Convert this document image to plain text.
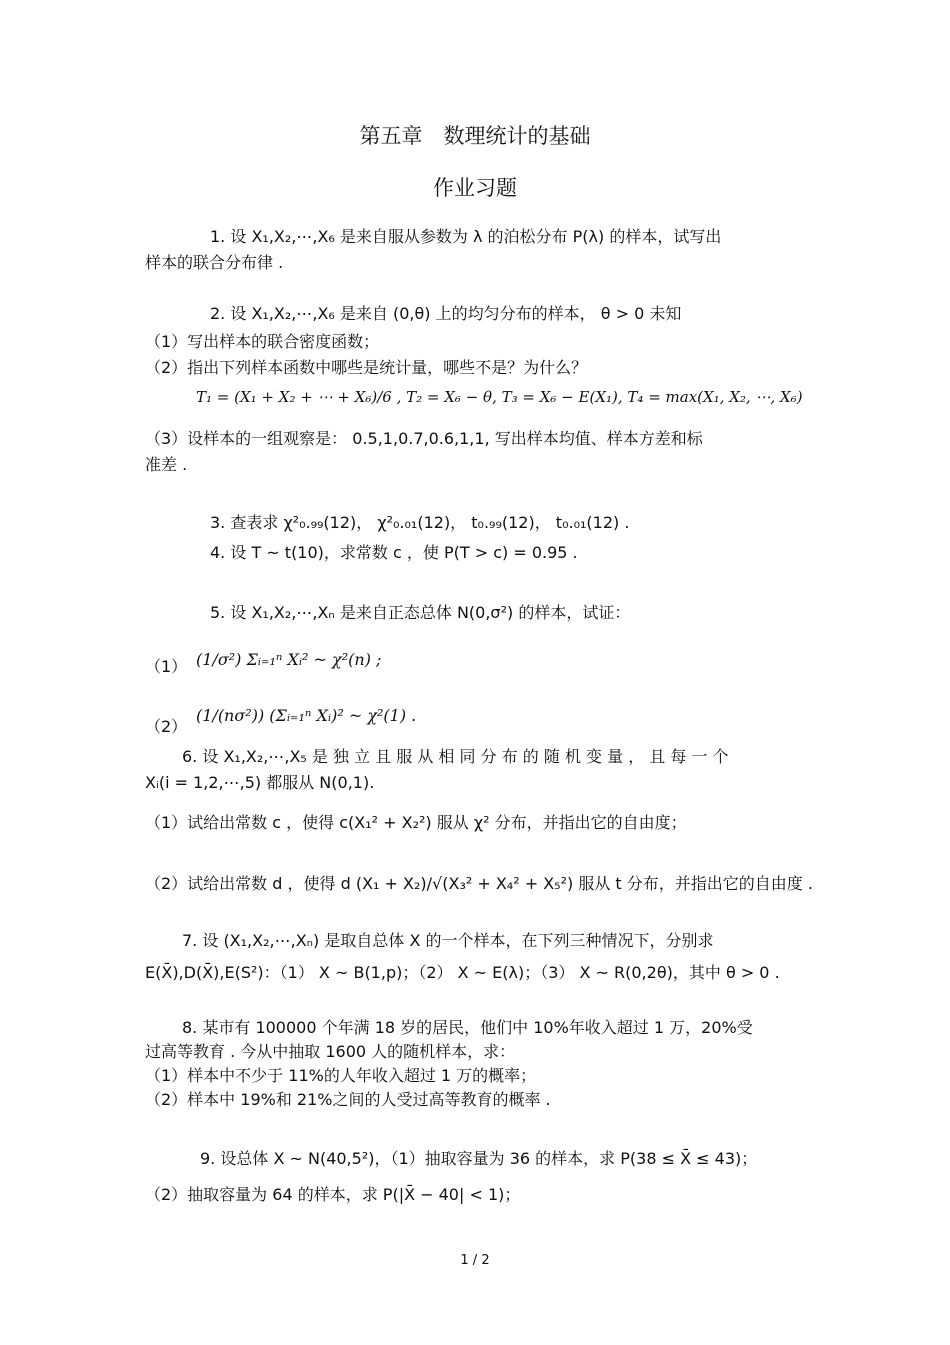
第五章　数理统计的基础
作业习题
1. 设 X₁,X₂,⋯,X₆ 是来自服从参数为 λ 的泊松分布 P(λ) 的样本，试写出
样本的联合分布律 .
2. 设 X₁,X₂,⋯,X₆ 是来自 (0,θ) 上的均匀分布的样本， θ > 0 未知
（1）写出样本的联合密度函数；
（2）指出下列样本函数中哪些是统计量，哪些不是？为什么？
T₁ = (X₁ + X₂ + ⋯ + X₆)/6 , T₂ = X₆ − θ, T₃ = X₆ − E(X₁), T₄ = max(X₁, X₂, ⋯, X₆)
（3）设样本的一组观察是： 0.5,1,0.7,0.6,1,1, 写出样本均值、样本方差和标
准差 .
3. 查表求 χ²₀.₉₉(12)， χ²₀.₀₁(12)， t₀.₉₉(12)， t₀.₀₁(12) .
4. 设 T ~ t(10)，求常数 c ，使 P(T > c) = 0.95 .
5. 设 X₁,X₂,⋯,Xₙ 是来自正态总体 N(0,σ²) 的样本，试证：
（1） (1/σ²) Σᵢ₌₁ⁿ Xᵢ² ~ χ²(n) ;
（2）
(1/(nσ²)) (Σᵢ₌₁ⁿ Xᵢ)² ~ χ²(1) .
6. 设 X₁,X₂,⋯,X₅ 是 独 立 且 服 从 相 同 分 布 的 随 机 变 量 ， 且 每 一 个
Xᵢ(i = 1,2,⋯,5) 都服从 N(0,1).
（1）试给出常数 c ，使得 c(X₁² + X₂²) 服从 χ² 分布，并指出它的自由度；
（2）试给出常数 d ，使得 d (X₁ + X₂)/√(X₃² + X₄² + X₅²) 服从 t 分布，并指出它的自由度 .
7. 设 (X₁,X₂,⋯,Xₙ) 是取自总体 X 的一个样本，在下列三种情况下，分别求
E(X̄),D(X̄),E(S²)：（1） X ~ B(1,p)；（2） X ~ E(λ)；（3） X ~ R(0,2θ)，其中 θ > 0 .
8. 某市有 100000 个年满 18 岁的居民，他们中 10%年收入超过 1 万，20%受
过高等教育 . 今从中抽取 1600 人的随机样本，求：
（1）样本中不少于 11%的人年收入超过 1 万的概率；
（2）样本中 19%和 21%之间的人受过高等教育的概率 .
9. 设总体 X ~ N(40,5²)，（1）抽取容量为 36 的样本，求 P(38 ≤ X̄ ≤ 43)；
（2）抽取容量为 64 的样本，求 P(|X̄ − 40| < 1)；
1 / 2
